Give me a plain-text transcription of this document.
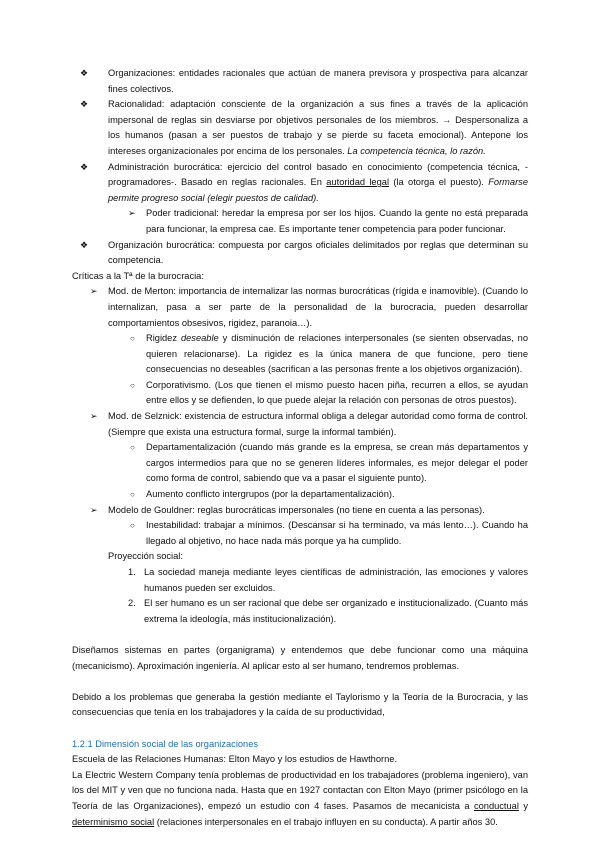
❖ Organizaciones: entidades racionales que actúan de manera previsora y prospectiva para alcanzar fines colectivos.

❖ Racionalidad: adaptación consciente de la organización a sus fines a través de la aplicación impersonal de reglas sin desviarse por objetivos personales de los miembros. → Despersonaliza a los humanos (pasan a ser puestos de trabajo y se pierde su faceta emocional). Antepone los intereses organizacionales por encima de los personales. La competencia técnica, lo razón.

❖ Administración burocrática: ejercicio del control basado en conocimiento (competencia técnica, -programadores-. Basado en reglas racionales. En autoridad legal (la otorga el puesto). Formarse permite progreso social (elegir puestos de calidad).

➢ Poder tradicional: heredar la empresa por ser los hijos. Cuando la gente no está preparada para funcionar, la empresa cae. Es importante tener competencia para poder funcionar.

❖ Organización burocrática: compuesta por cargos oficiales delimitados por reglas que determinan su competencia.

Críticas a la Tª de la burocracia:

➢ Mod. de Merton: importancia de internalizar las normas burocráticas (rígida e inamovible). (Cuando lo internalizan, pasa a ser parte de la personalidad de la burocracia, pueden desarrollar comportamientos obsesivos, rigidez, paranoia…).

○ Rigidez deseable y disminución de relaciones interpersonales (se sienten observadas, no quieren relacionarse). La rigidez es la única manera de que funcione, pero tiene consecuencias no deseables (sacrifican a las personas frente a los objetivos organización).

○ Corporativismo. (Los que tienen el mismo puesto hacen piña, recurren a ellos, se ayudan entre ellos y se defienden, lo que puede alejar la relación con personas de otros puestos).

➢ Mod. de Selznick: existencia de estructura informal obliga a delegar autoridad como forma de control. (Siempre que exista una estructura formal, surge la informal también).

○ Departamentalización (cuando más grande es la empresa, se crean más departamentos y cargos intermedios para que no se generen líderes informales, es mejor delegar el poder como forma de control, sabiendo que va a pasar el siguiente punto).

○ Aumento conflicto intergrupos (por la departamentalización).

➢ Modelo de Gouldner: reglas burocráticas impersonales (no tiene en cuenta a las personas).

○ Inestabilidad: trabajar a mínimos. (Descansar si ha terminado, va más lento…). Cuando ha llegado al objetivo, no hace nada más porque ya ha cumplido.

Proyección social:

1. La sociedad maneja mediante leyes científicas de administración, las emociones y valores humanos pueden ser excluidos.

2. El ser humano es un ser racional que debe ser organizado e institucionalizado. (Cuanto más extrema la ideología, más institucionalización).

Diseñamos sistemas en partes (organigrama) y entendemos que debe funcionar como una máquina (mecanicismo). Aproximación ingeniería. Al aplicar esto al ser humano, tendremos problemas.

Debido a los problemas que generaba la gestión mediante el Taylorismo y la Teoría de la Burocracia, y las consecuencias que tenía en los trabajadores y la caída de su productividad,

1.2.1 Dimensión social de las organizaciones

Escuela de las Relaciones Humanas: Elton Mayo y los estudios de Hawthorne.

La Electric Western Company tenía problemas de productividad en los trabajadores (problema ingeniero), van los del MIT y ven que no funciona nada. Hasta que en 1927 contactan con Elton Mayo (primer psicólogo en la Teoría de las Organizaciones), empezó un estudio con 4 fases. Pasamos de mecanicista a conductual y determinismo social (relaciones interpersonales en el trabajo influyen en su conducta). A partir años 30.
